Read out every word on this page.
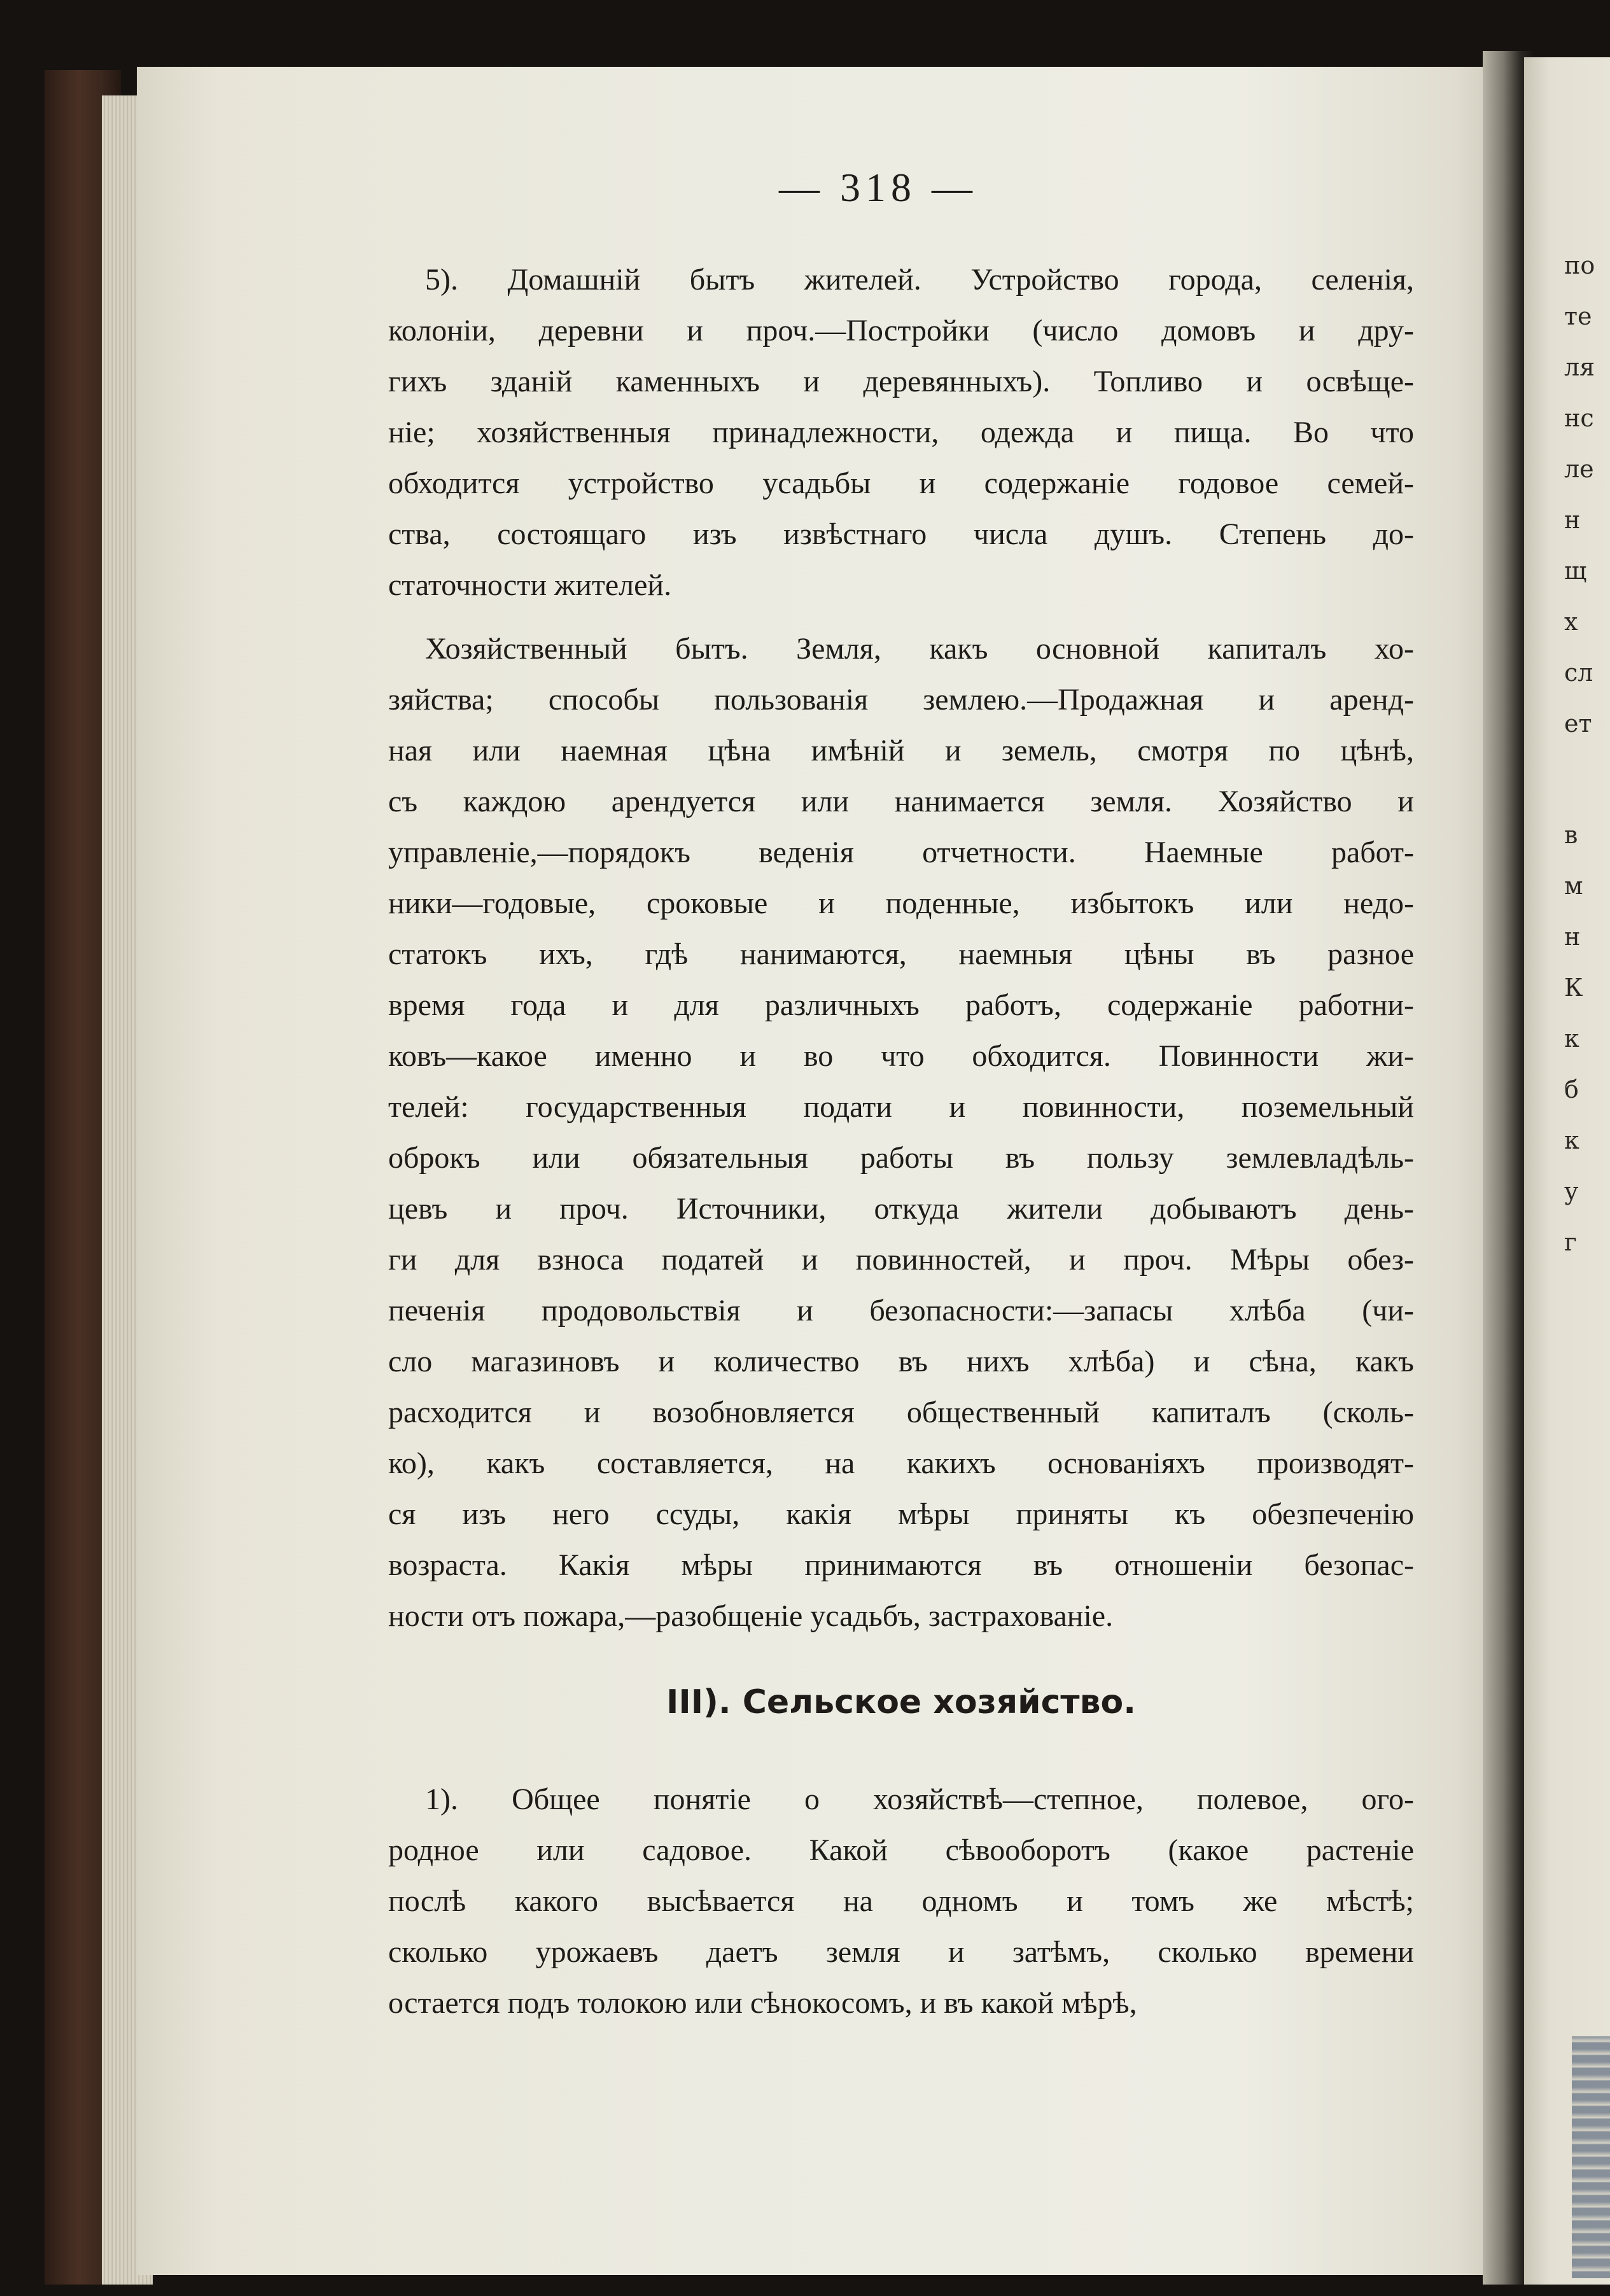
по
те
ля
нс
ле
н
щ
х
сл
ет
в
м
н
К
к
б
к
у
г
— 318 —
5). Домашній бытъ жителей. Устройство города, селенія,
колоніи, деревни и проч.—Постройки (число домовъ и дру-
гихъ зданій каменныхъ и деревянныхъ). Топливо и освѣще-
ніе; хозяйственныя принадлежности, одежда и пища. Во что
обходится устройство усадьбы и содержаніе годовое семей-
ства, состоящаго изъ извѣстнаго числа душъ. Степень до-
статочности жителей.
Хозяйственный бытъ. Земля, какъ основной капиталъ хо-
зяйства; способы пользованія землею.—Продажная и аренд-
ная или наемная цѣна имѣній и земель, смотря по цѣнѣ,
съ каждою арендуется или нанимается земля. Хозяйство и
управленіе,—порядокъ веденія отчетности. Наемные работ-
ники—годовые, сроковые и поденные, избытокъ или недо-
статокъ ихъ, гдѣ нанимаются, наемныя цѣны въ разное
время года и для различныхъ работъ, содержаніе работни-
ковъ—какое именно и во что обходится. Повинности жи-
телей: государственныя подати и повинности, поземельный
оброкъ или обязательныя работы въ пользу землевладѣль-
цевъ и проч. Источники, откуда жители добываютъ день-
ги для взноса податей и повинностей, и проч. Мѣры обез-
печенія продовольствія и безопасности:—запасы хлѣба (чи-
сло магазиновъ и количество въ нихъ хлѣба) и сѣна, какъ
расходится и возобновляется общественный капиталъ (сколь-
ко), какъ составляется, на какихъ основаніяхъ производят-
ся изъ него ссуды, какія мѣры приняты къ обезпеченію
возраста. Какія мѣры принимаются въ отношеніи безопас-
ности отъ пожара,—разобщеніе усадьбъ, застрахованіе.
III). Сельское хозяйство.
1). Общее понятіе о хозяйствѣ—степное, полевое, ого-
родное или садовое. Какой сѣвооборотъ (какое растеніе
послѣ какого высѣвается на одномъ и томъ же мѣстѣ;
сколько урожаевъ даетъ земля и затѣмъ, сколько времени
остается подъ толокою или сѣнокосомъ, и въ какой мѣрѣ,
